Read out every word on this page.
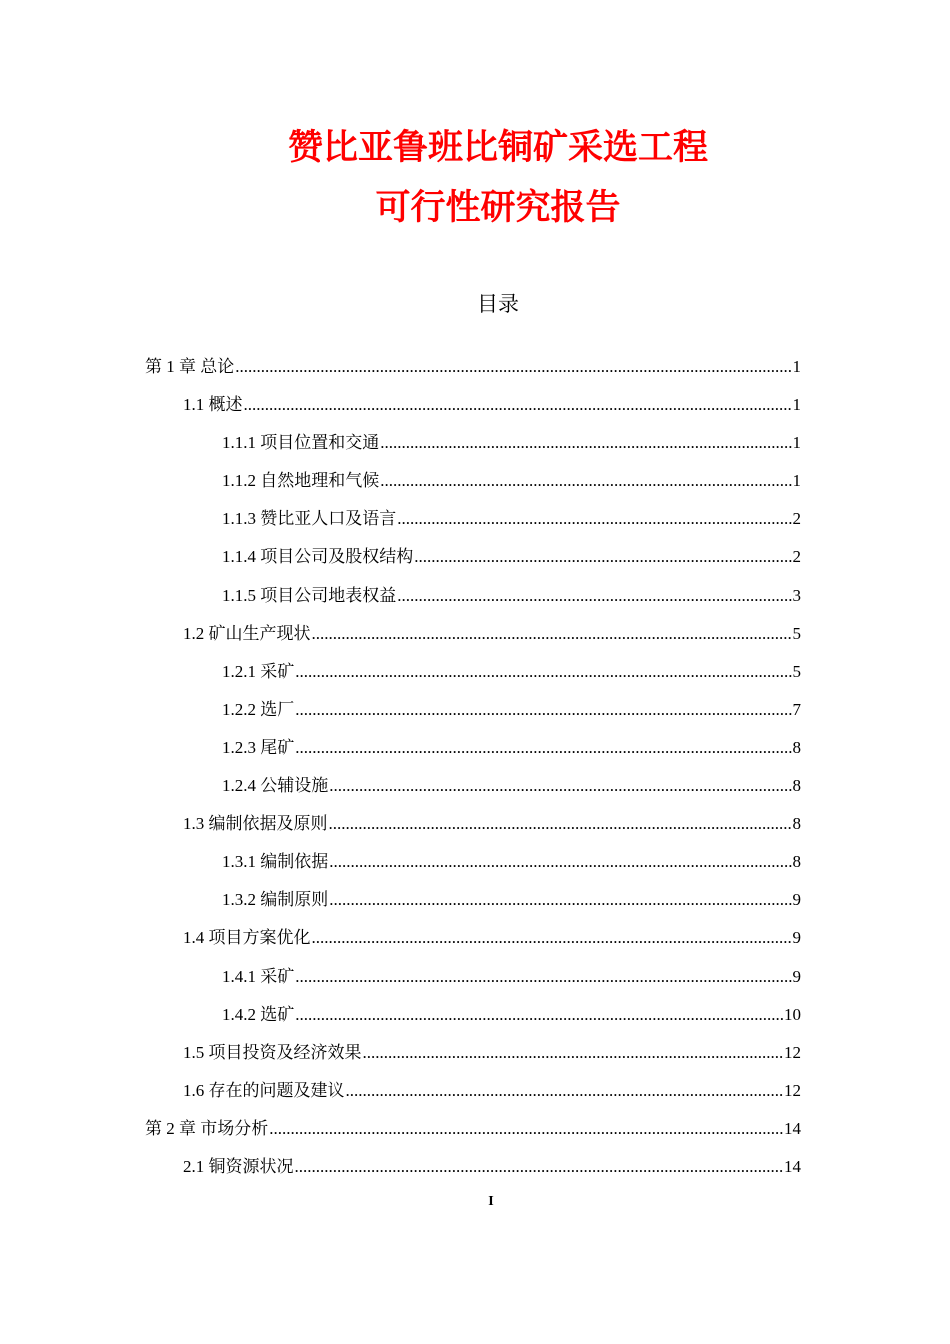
赞比亚鲁班比铜矿采选工程
可行性研究报告
目录
第 1 章 总论 .....	1
1.1 概述 .....	1
1.1.1 项目位置和交通 .....	1
1.1.2 自然地理和气候 .....	1
1.1.3 赞比亚人口及语言 .....	2
1.1.4 项目公司及股权结构 .....	2
1.1.5 项目公司地表权益 .....	3
1.2 矿山生产现状 .....	5
1.2.1 采矿 .....	5
1.2.2 选厂 .....	7
1.2.3 尾矿 .....	8
1.2.4 公辅设施 .....	8
1.3 编制依据及原则 .....	8
1.3.1 编制依据 .....	8
1.3.2 编制原则 .....	9
1.4 项目方案优化 .....	9
1.4.1 采矿 .....	9
1.4.2 选矿 .....	10
1.5 项目投资及经济效果 .....	12
1.6 存在的问题及建议 .....	12
第 2 章 市场分析 .....	14
2.1 铜资源状况 .....	14
I
